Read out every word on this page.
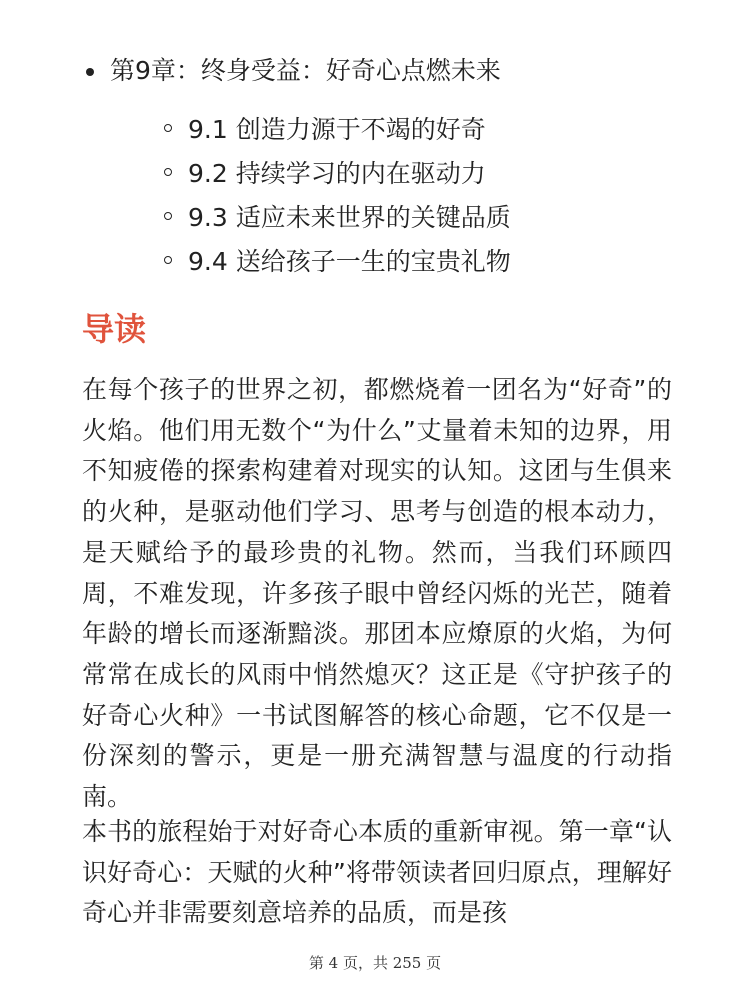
第9章：终身受益：好奇心点燃未来
9.1 创造力源于不竭的好奇
9.2 持续学习的内在驱动力
9.3 适应未来世界的关键品质
9.4 送给孩子一生的宝贵礼物
导读

在每个孩子的世界之初，都燃烧着一团名为“好奇”的火焰。他们用无数个“为什么”丈量着未知的边界，用不知疲倦的探索构建着对现实的认知。这团与生俱来的火种，是驱动他们学习、思考与创造的根本动力，是天赋给予的最珍贵的礼物。然而，当我们环顾四周，不难发现，许多孩子眼中曾经闪烁的光芒，随着年龄的增长而逐渐黯淡。那团本应燎原的火焰，为何常常在成长的风雨中悄然熄灭？这正是《守护孩子的好奇心火种》一书试图解答的核心命题，它不仅是一份深刻的警示，更是一册充满智慧与温度的行动指南。

本书的旅程始于对好奇心本质的重新审视。第一章“认识好奇心：天赋的火种”将带领读者回归原点，理解好奇心并非需要刻意培养的品质，而是孩

第 4 页，共 255 页
